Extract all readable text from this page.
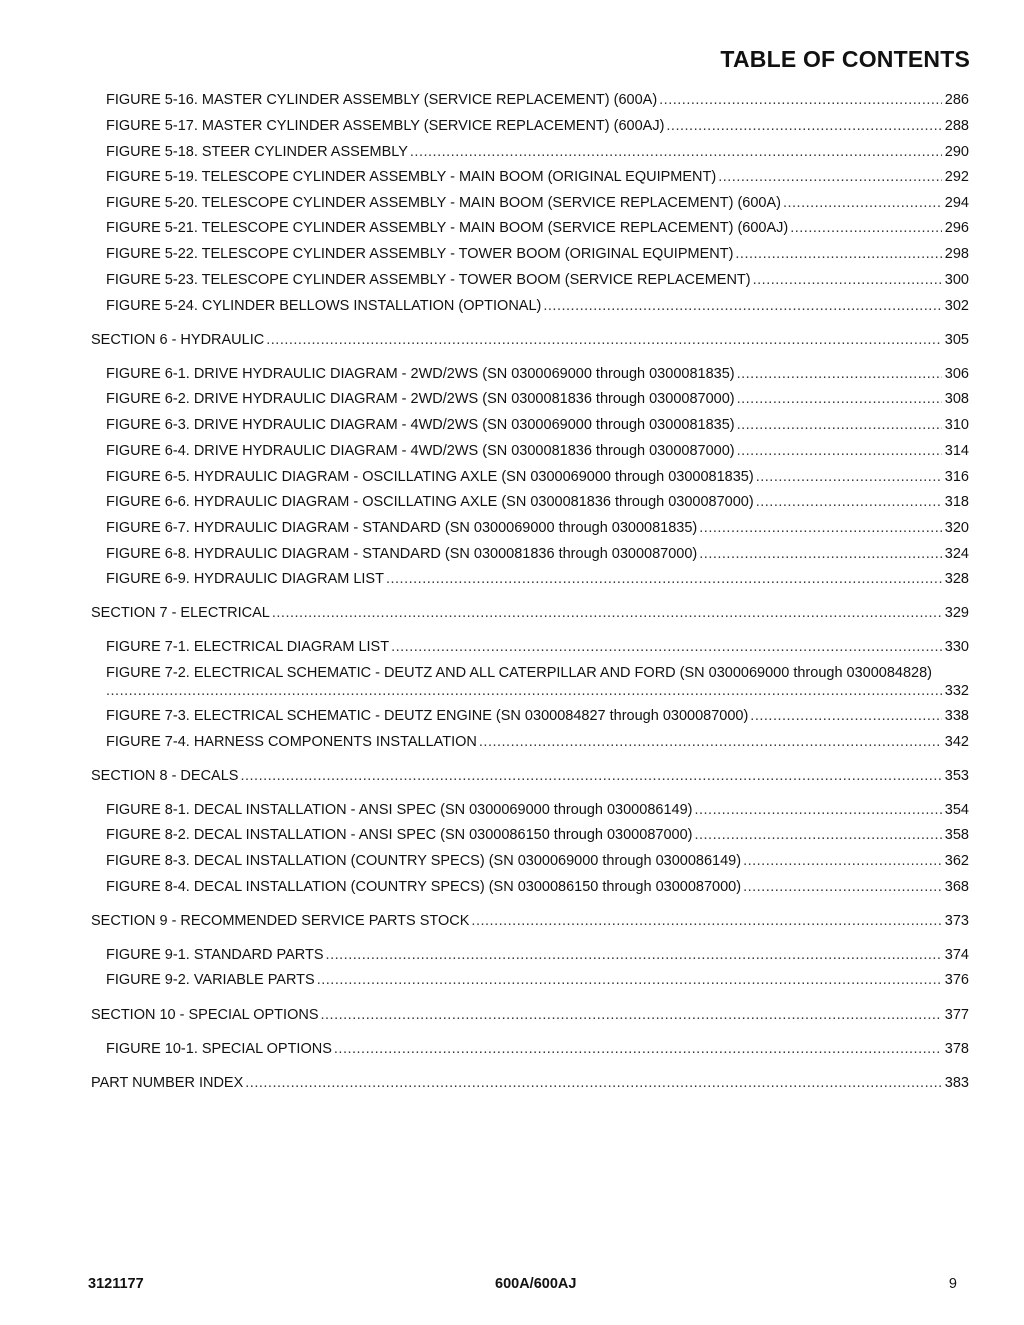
TABLE OF CONTENTS
FIGURE 5-16. MASTER CYLINDER ASSEMBLY (SERVICE REPLACEMENT) (600A) .....	286
FIGURE 5-17. MASTER CYLINDER ASSEMBLY (SERVICE REPLACEMENT) (600AJ) .....	288
FIGURE 5-18. STEER CYLINDER ASSEMBLY .....	290
FIGURE 5-19. TELESCOPE CYLINDER ASSEMBLY - MAIN BOOM (ORIGINAL EQUIPMENT) .....	292
FIGURE 5-20. TELESCOPE CYLINDER ASSEMBLY - MAIN BOOM (SERVICE REPLACEMENT) (600A) .....	294
FIGURE 5-21. TELESCOPE CYLINDER ASSEMBLY - MAIN BOOM (SERVICE REPLACEMENT) (600AJ) .....	296
FIGURE 5-22. TELESCOPE CYLINDER ASSEMBLY - TOWER BOOM (ORIGINAL EQUIPMENT) .....	298
FIGURE 5-23. TELESCOPE CYLINDER ASSEMBLY - TOWER BOOM (SERVICE REPLACEMENT) .....	300
FIGURE 5-24. CYLINDER BELLOWS INSTALLATION (OPTIONAL) .....	302
SECTION 6 - HYDRAULIC .....	305
FIGURE 6-1. DRIVE HYDRAULIC DIAGRAM - 2WD/2WS (SN 0300069000 through 0300081835) .....	306
FIGURE 6-2. DRIVE HYDRAULIC DIAGRAM - 2WD/2WS (SN 0300081836 through 0300087000) .....	308
FIGURE 6-3. DRIVE HYDRAULIC DIAGRAM - 4WD/2WS (SN 0300069000 through 0300081835) .....	310
FIGURE 6-4. DRIVE HYDRAULIC DIAGRAM - 4WD/2WS (SN 0300081836 through 0300087000) .....	314
FIGURE 6-5. HYDRAULIC DIAGRAM - OSCILLATING AXLE (SN 0300069000 through 0300081835) .....	316
FIGURE 6-6. HYDRAULIC DIAGRAM - OSCILLATING AXLE (SN 0300081836 through 0300087000) .....	318
FIGURE 6-7. HYDRAULIC DIAGRAM - STANDARD (SN 0300069000 through 0300081835) .....	320
FIGURE 6-8. HYDRAULIC DIAGRAM - STANDARD (SN 0300081836 through 0300087000) .....	324
FIGURE 6-9. HYDRAULIC DIAGRAM LIST .....	328
SECTION 7 - ELECTRICAL .....	329
FIGURE 7-1. ELECTRICAL DIAGRAM LIST .....	330
FIGURE 7-2. ELECTRICAL SCHEMATIC - DEUTZ AND ALL CATERPILLAR AND FORD (SN 0300069000 through 0300084828)
.....
332
FIGURE 7-3. ELECTRICAL SCHEMATIC - DEUTZ ENGINE (SN 0300084827 through 0300087000) .....	338
FIGURE 7-4. HARNESS COMPONENTS INSTALLATION .....	342
SECTION 8 - DECALS .....	353
FIGURE 8-1. DECAL INSTALLATION - ANSI SPEC (SN 0300069000 through 0300086149) .....	354
FIGURE 8-2. DECAL INSTALLATION - ANSI SPEC (SN 0300086150 through 0300087000) .....	358
FIGURE 8-3. DECAL INSTALLATION (COUNTRY SPECS) (SN 0300069000 through 0300086149) .....	362
FIGURE 8-4. DECAL INSTALLATION (COUNTRY SPECS) (SN 0300086150 through 0300087000) .....	368
SECTION 9 - RECOMMENDED SERVICE PARTS STOCK .....	373
FIGURE 9-1. STANDARD PARTS .....	374
FIGURE 9-2. VARIABLE PARTS .....	376
SECTION 10 - SPECIAL OPTIONS .....	377
FIGURE 10-1. SPECIAL OPTIONS .....	378
PART NUMBER INDEX .....	383
3121177	600A/600AJ	9
